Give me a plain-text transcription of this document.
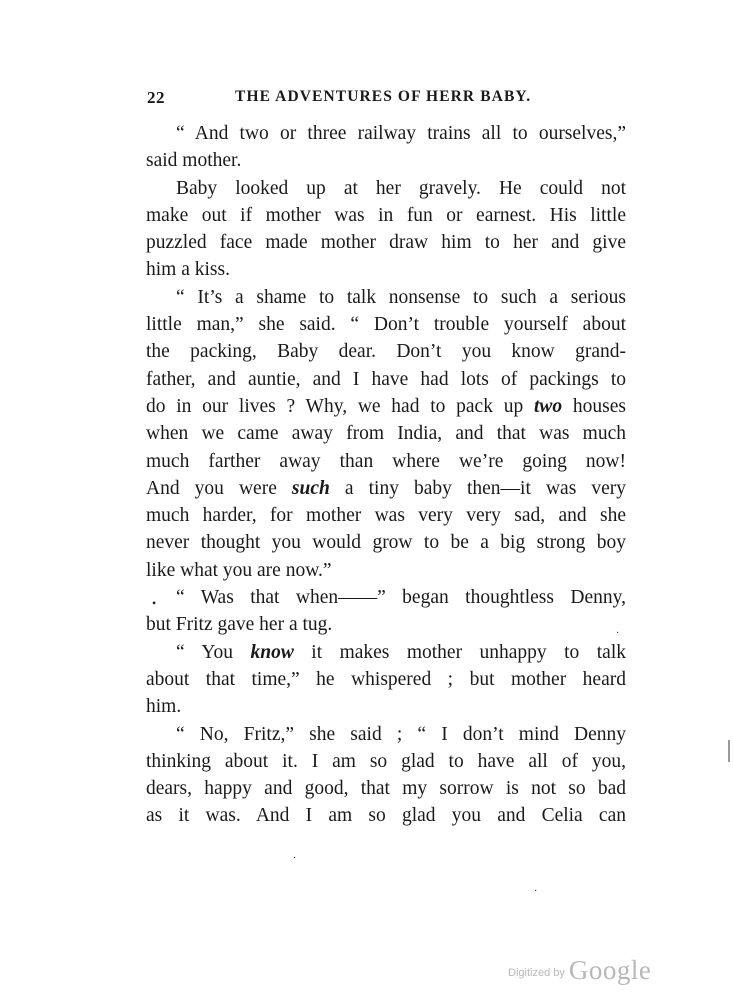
22	THE ADVENTURES OF HERR BABY.
“ And two or three railway trains all to ourselves,”
said mother.
Baby looked up at her gravely. He could not
make out if mother was in fun or earnest. His little
puzzled face made mother draw him to her and give
him a kiss.
“ It’s a shame to talk nonsense to such a serious
little man,” she said. “ Don’t trouble yourself about
the packing, Baby dear. Don’t you know grand-
father, and auntie, and I have had lots of packings to
do in our lives ? Why, we had to pack up two houses
when we came away from India, and that was much
much farther away than where we’re going now!
And you were such a tiny baby then—it was very
much harder, for mother was very very sad, and she
never thought you would grow to be a big strong boy
like what you are now.”
“ Was that when——” began thoughtless Denny,
but Fritz gave her a tug.
“ You know it makes mother unhappy to talk
about that time,” he whispered ; but mother heard
him.
“ No, Fritz,” she said ; “ I don’t mind Denny
thinking about it. I am so glad to have all of you,
dears, happy and good, that my sorrow is not so bad
as it was. And I am so glad you and Celia can
•
·
·
·
Digitized by Google
